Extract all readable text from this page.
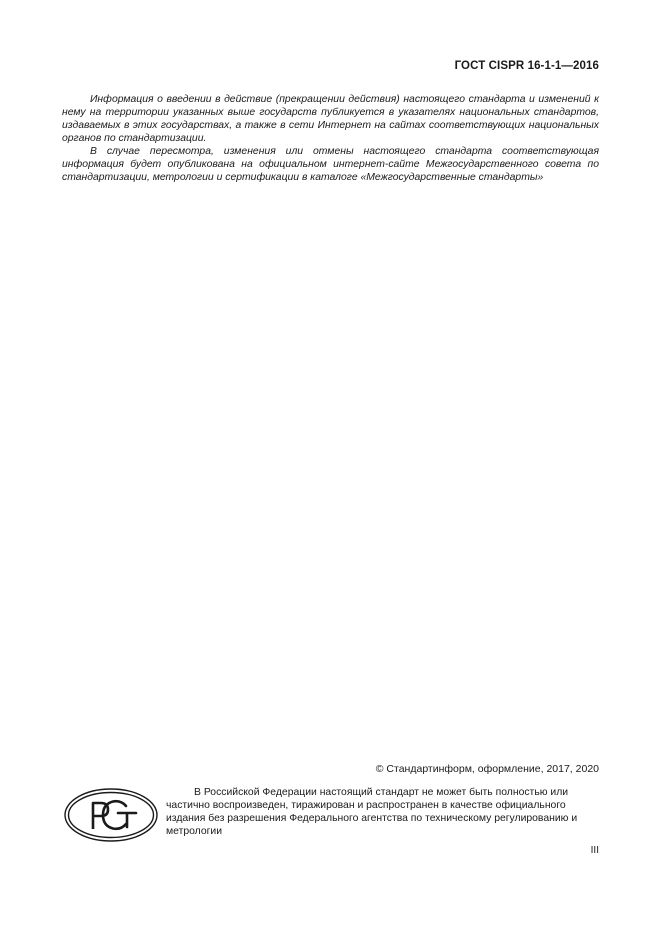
ГОСТ CISPR 16-1-1—2016

Информация о введении в действие (прекращении действия) настоящего стандарта и изменений к нему на территории указанных выше государств публикуется в указателях национальных стандартов, издаваемых в этих государствах, а также в сети Интернет на сайтах соответствующих национальных органов по стандартизации.

В случае пересмотра, изменения или отмены настоящего стандарта соответствующая информация будет опубликована на официальном интернет-сайте Межгосударственного совета по стандартизации, метрологии и сертификации в каталоге «Межгосударственные стандарты»

© Стандартинформ, оформление, 2017, 2020

В Российской Федерации настоящий стандарт не может быть полностью или частично воспроизведен, тиражирован и распространен в качестве официального издания без разрешения Федерального агентства по техническому регулированию и метрологии

III
